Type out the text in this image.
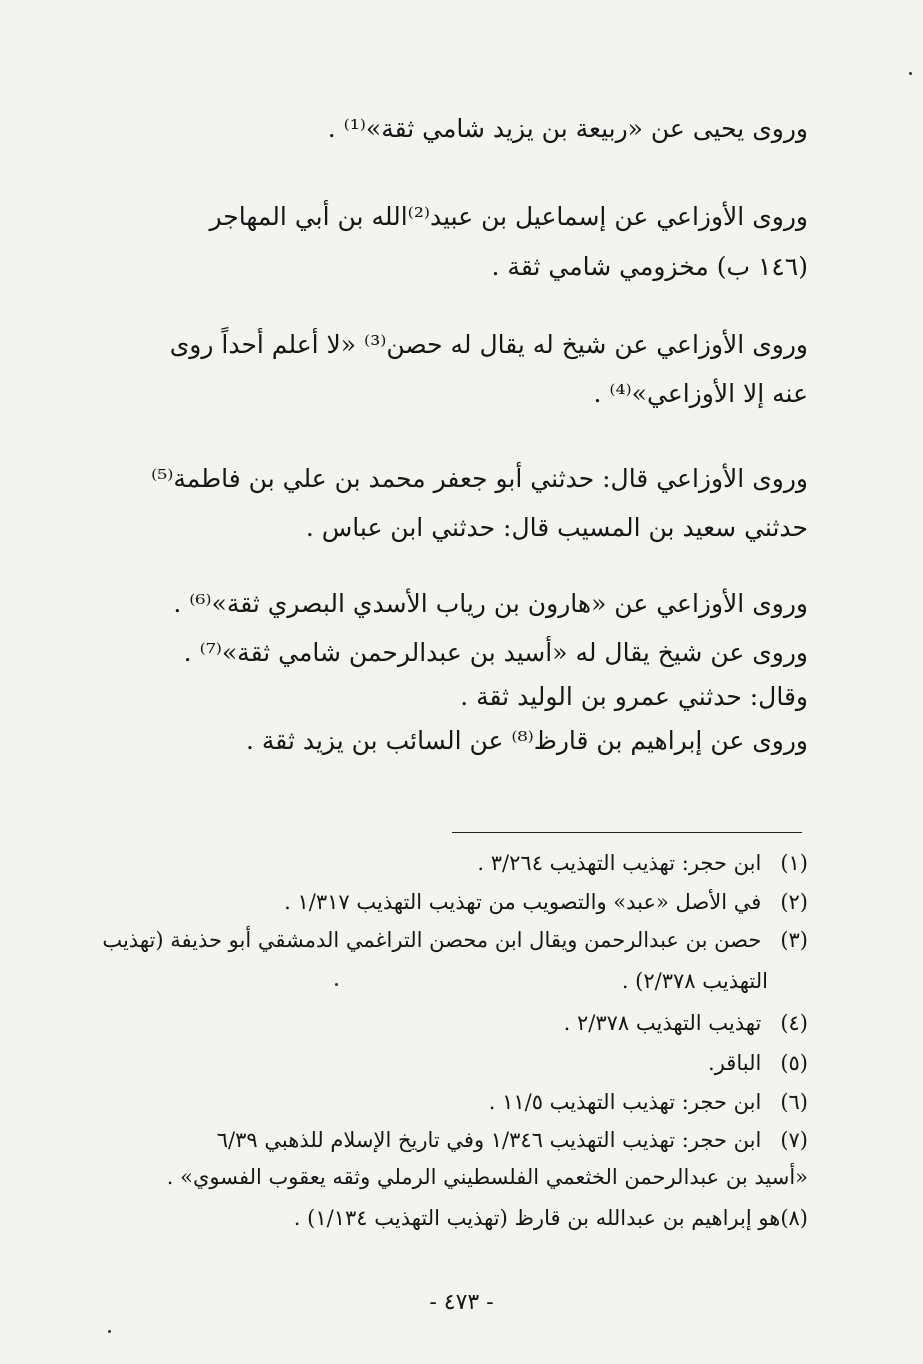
وروى يحيى عن «ربيعة بن يزيد شامي ثقة»⁽¹⁾ .

وروى الأوزاعي عن إسماعيل بن عبيد⁽²⁾الله بن أبي المهاجر

(١٤٦ ب) مخزومي شامي ثقة .

وروى الأوزاعي عن شيخ له يقال له حصن⁽³⁾ «لا أعلم أحداً روى

عنه إلا الأوزاعي»⁽⁴⁾ .

وروى الأوزاعي قال: حدثني أبو جعفر محمد بن علي بن فاطمة⁽⁵⁾

حدثني سعيد بن المسيب قال: حدثني ابن عباس .

وروى الأوزاعي عن «هارون بن رياب الأسدي البصري ثقة»⁽⁶⁾ .

وروى عن شيخ يقال له «أسيد بن عبدالرحمن شامي ثقة»⁽⁷⁾ .

وقال: حدثني عمرو بن الوليد ثقة .

وروى عن إبراهيم بن قارظ⁽⁸⁾ عن السائب بن يزيد ثقة .

(١) ابن حجر: تهذيب التهذيب ٣/٢٦٤ .

(٢) في الأصل «عبد» والتصويب من تهذيب التهذيب ١/٣١٧ .

(٣) حصن بن عبدالرحمن ويقال ابن محصن التراغمي الدمشقي أبو حذيفة (تهذيب

التهذيب ٢/٣٧٨) .

(٤) تهذيب التهذيب ٢/٣٧٨ .

(٥) الباقر.

(٦) ابن حجر: تهذيب التهذيب ١١/٥ .

(٧) ابن حجر: تهذيب التهذيب ١/٣٤٦ وفي تاريخ الإسلام للذهبي ٦/٣٩

«أسيد بن عبدالرحمن الخثعمي الفلسطيني الرملي وثقه يعقوب الفسوي» .

(٨)هو إبراهيم بن عبدالله بن قارظ (تهذيب التهذيب ١/١٣٤) .

- ٤٧٣ -
